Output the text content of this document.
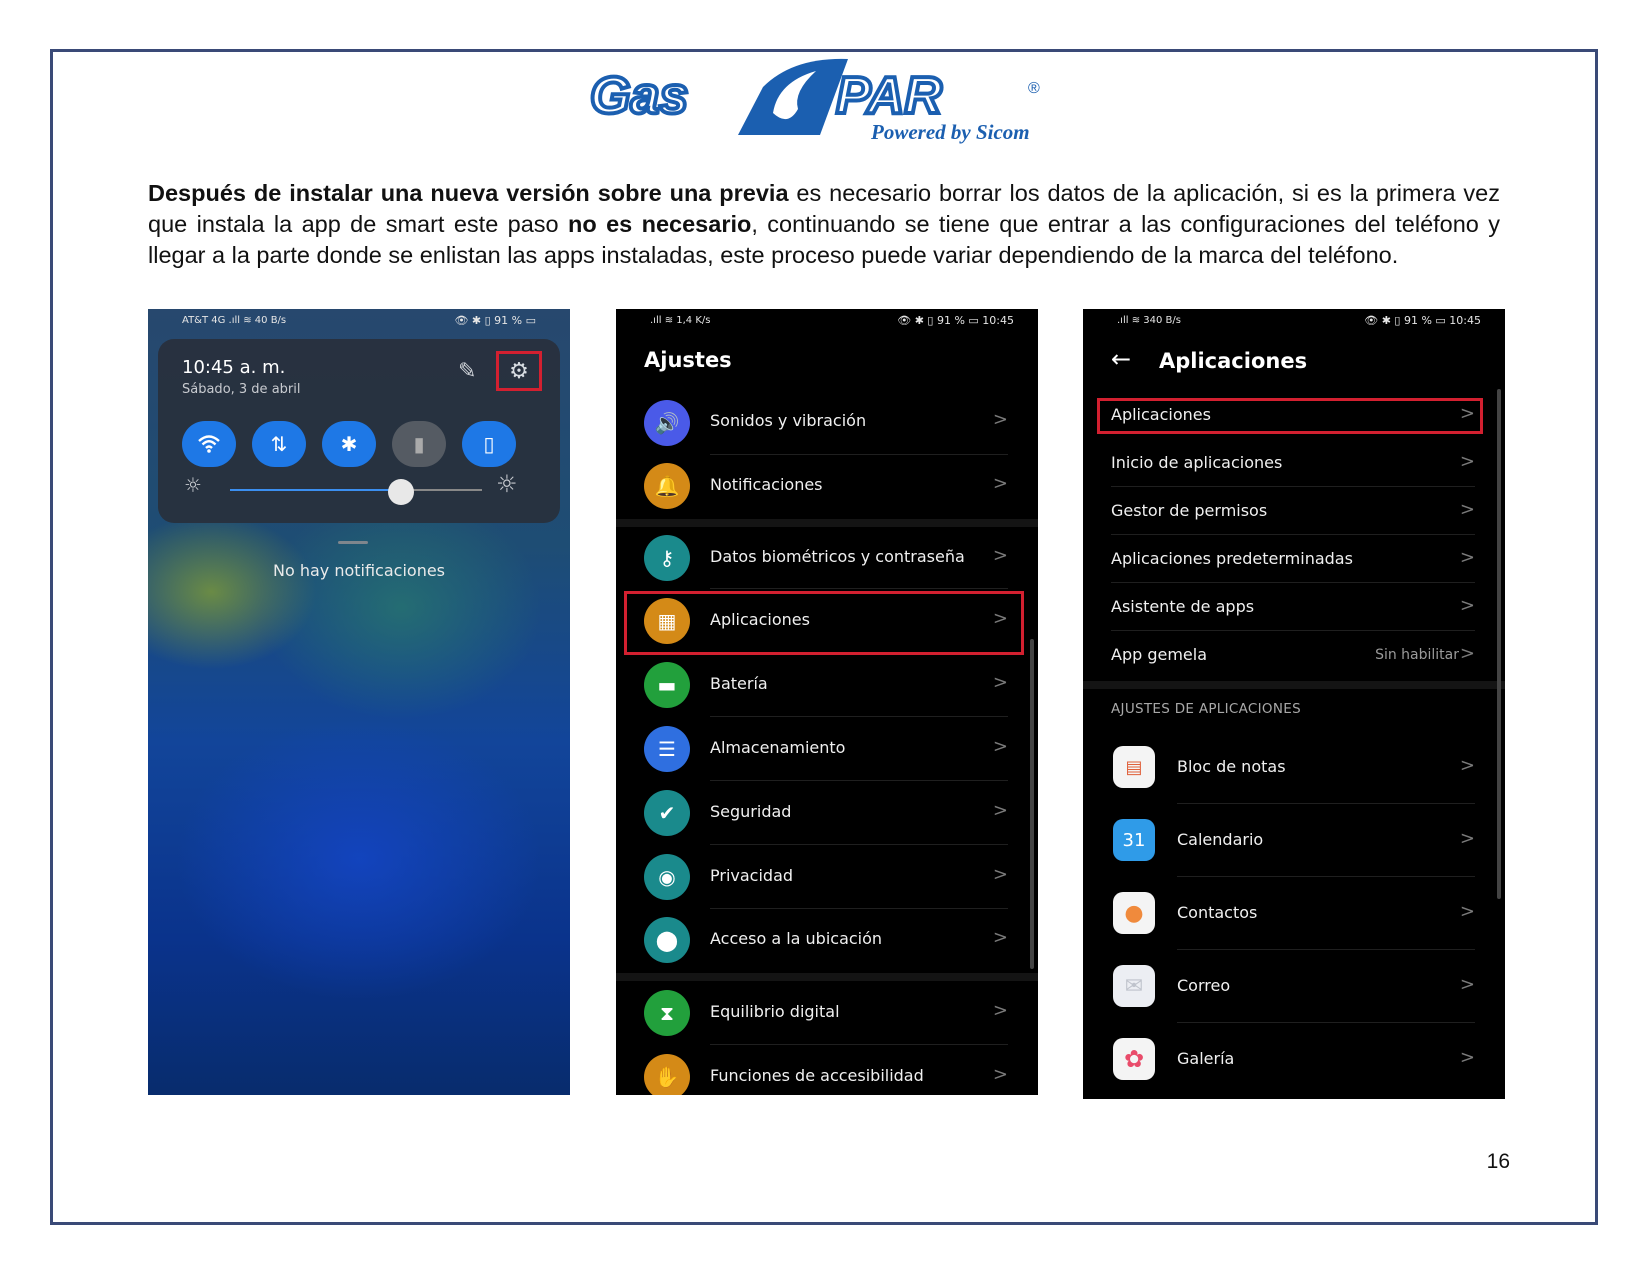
Gas	PAR	®
Powered by Sicom

Después de instalar una nueva versión sobre una previa es necesario borrar los datos de la aplicación, si es la primera vez que instala la app de smart este paso no es necesario, continuando se tiene que entrar a las configuraciones del teléfono y llegar a la parte donde se enlistan las apps instaladas, este proceso puede variar dependiendo de la marca del teléfono.

AT&T 4G .ıll ≋ 40 B/s	👁 ✱ ▯ 91 % ▭
10:45 a. m.
Sábado, 3 de abril
✎	⚙
⇅	✱	▮	▯
☼	☼
No hay notificaciones
.ıll ≋ 1,4 K/s	👁 ✱ ▯ 91 % ▭ 10:45
Ajustes
🔊	Sonidos y vibración	>
🔔	Notificaciones	>
⚷	Datos biométricos y contraseña >
▦	Aplicaciones	>
▬	Batería	>
☰	Almacenamiento	>
✔	Seguridad	>
◉	Privacidad	>
⬤	Acceso a la ubicación	>
⧗	Equilibrio digital	>
✋	Funciones de accesibilidad	>
.ıll ≋ 340 B/s	👁 ✱ ▯ 91 % ▭ 10:45
← Aplicaciones
Aplicaciones	>
Inicio de aplicaciones	>
Gestor de permisos	>
Aplicaciones predeterminadas	>
Asistente de apps	>
App gemela	Sin habilitar >
AJUSTES DE APLICACIONES
▤	Bloc de notas	>
31	Calendario	>
●	Contactos	>
✉	Correo	>
✿	Galería	>
16
